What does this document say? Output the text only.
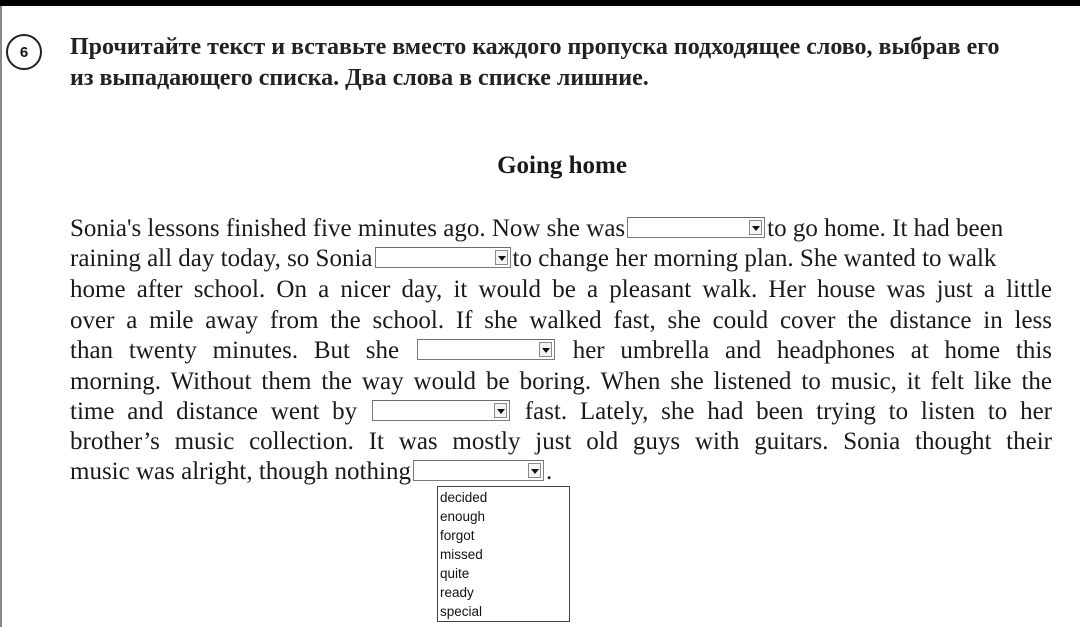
6	Прочитайте текст и вставьте вместо каждого пропуска подходящее слово, выбрав его
из выпадающего списка. Два слова в списке лишние.
Going home
Sonia's lessons finished five minutes ago. Now she was	to go home. It had been
raining all day today, so Sonia	to change her morning plan. She wanted to walk
home after school. On a nicer day, it would be a pleasant walk. Her house was just a little
over a mile away from the school. If she walked fast, she could cover the distance in less
than twenty minutes. But she	her umbrella and headphones at home this
morning. Without them the way would be boring. When she listened to music, it felt like the
time and distance went by	fast. Lately, she had been trying to listen to her
brother’s music collection. It was mostly just old guys with guitars. Sonia thought their
music was alright, though nothing	.
decided
enough
forgot
missed
quite
ready
special
